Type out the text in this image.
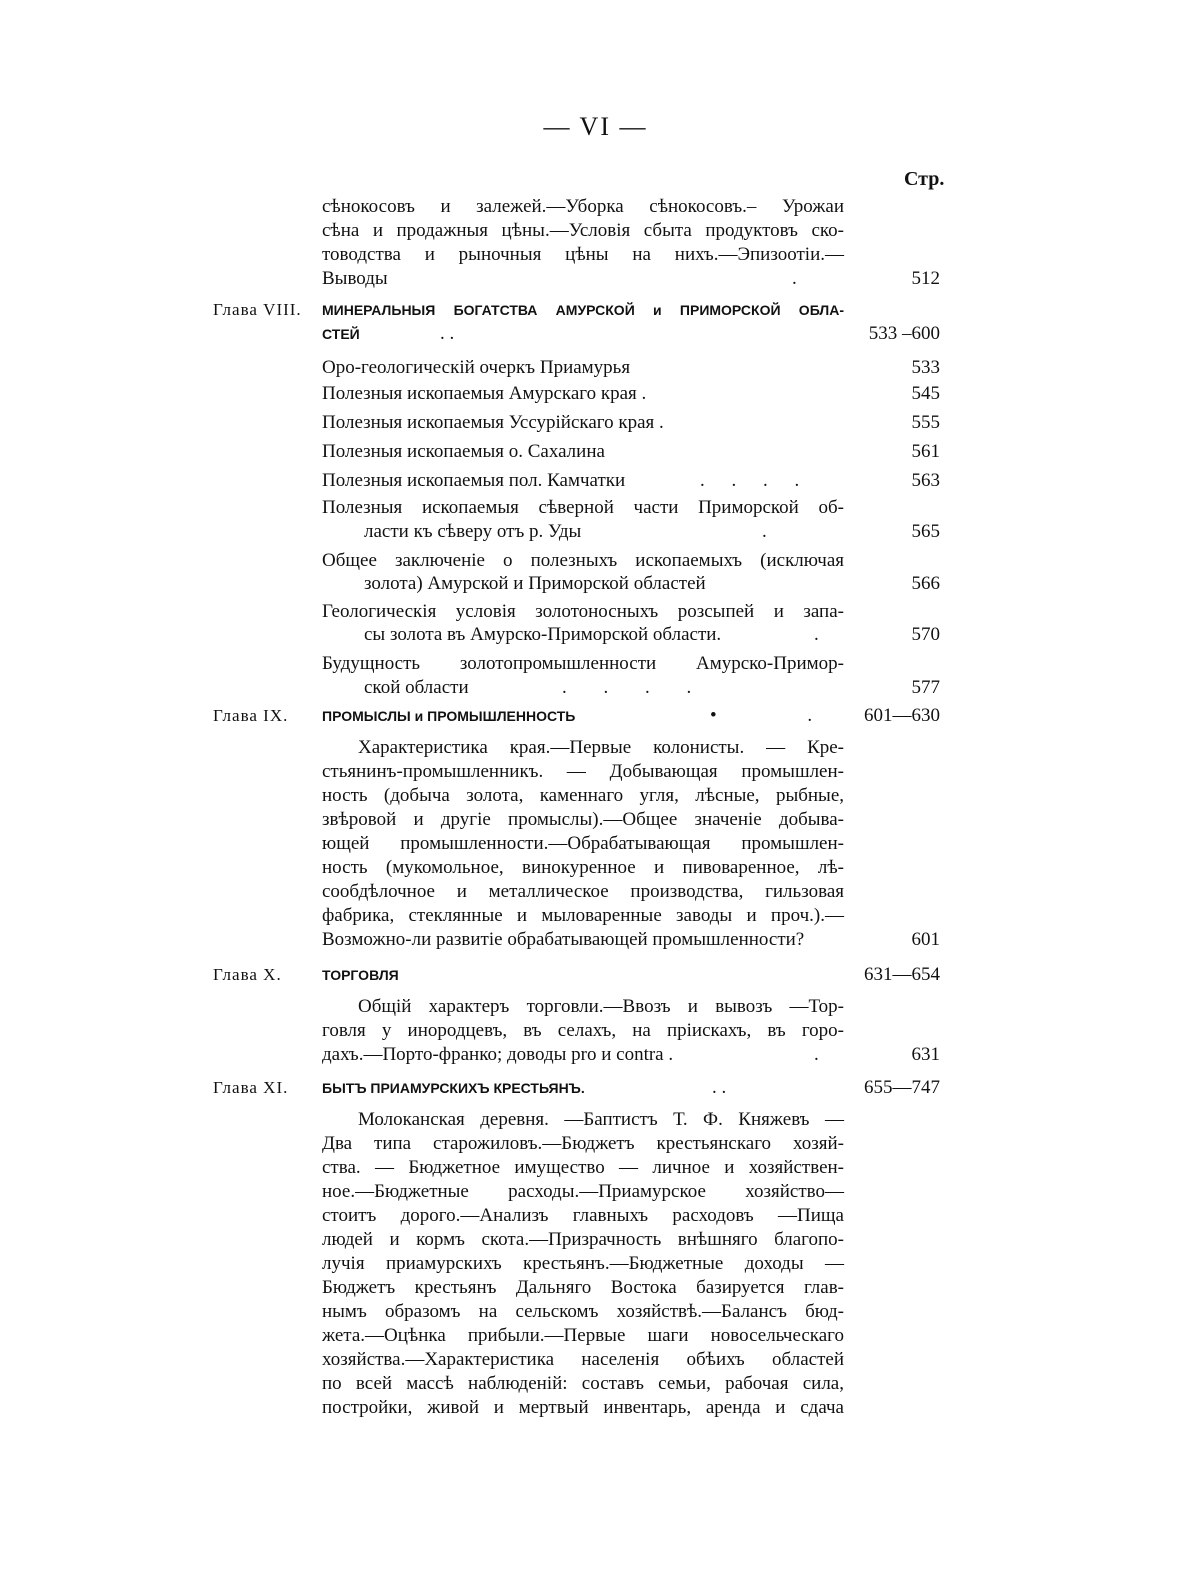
— VI —
Стр.
сѣнокосовъ и залежей.—Уборка сѣнокосовъ.– Урожаи
сѣна и продажныя цѣны.—Условія сбыта продуктовъ ско-
товодства и рыночныя цѣны на нихъ.—Эпизоотіи.—
Выводы	.	512
Глава VIII. МИНЕРАЛЬНЫЯ БОГАТСТВА АМУРСКОЙ и ПРИМОРСКОЙ ОБЛА-
СТЕЙ	. .	533 –600
Оро-геологическій очеркъ Приамурья	533
Полезныя ископаемыя Амурскаго края .	545
Полезныя ископаемыя Уссурійскаго края .	555
Полезныя ископаемыя о. Сахалина	561
Полезныя ископаемыя пол. Камчатки	. . . .	563
Полезныя ископаемыя сѣверной части Приморской об-
ласти къ сѣверу отъ р. Уды	.	565
Общее заключеніе о полезныхъ ископаемыхъ (исключая
золота) Амурской и Приморской областей	566
Геологическія условія золотоносныхъ розсыпей и запа-
сы золота въ Амурско-Приморской области.	.	570
Будущность золотопромышленности Амурско-Примор-
ской области	. . . .	577
Глава IX. ПРОМЫСЛЫ и ПРОМЫШЛЕННОСТЬ	• .	601—630
Характеристика края.—Первые колонисты. — Кре-
стьянинъ-промышленникъ. — Добывающая промышлен-
ность (добыча золота, каменнаго угля, лѣсные, рыбные,
звѣровой и другіе промыслы).—Общее значеніе добыва-
ющей промышленности.—Обрабатывающая промышлен-
ность (мукомольное, винокуренное и пивоваренное, лѣ-
сообдѣлочное и металлическое производства, гильзовая
фабрика, стеклянные и мыловаренные заводы и проч.).—
Возможно-ли развитіе обрабатывающей промышленности?	601
Глава X.	ТОРГОВЛЯ	631—654
Общій характеръ торговли.—Ввозъ и вывозъ —Тор-
говля у инородцевъ, въ селахъ, на пріискахъ, въ горо-
дахъ.—Порто-франко; доводы pro и contra .	.	631
Глава XI. БЫТЪ ПРИАМУРСКИХЪ КРЕСТЬЯНЪ.	. .	655—747
Молоканская деревня. —Баптистъ Т. Ф. Княжевъ —
Два типа старожиловъ.—Бюджетъ крестьянскаго хозяй-
ства. — Бюджетное имущество — личное и хозяйствен-
ное.—Бюджетные расходы.—Приамурское хозяйство—
стоитъ дорого.—Анализъ главныхъ расходовъ —Пища
людей и кормъ скота.—Призрачность внѣшняго благопо-
лучія приамурскихъ крестьянъ.—Бюджетные доходы —
Бюджетъ крестьянъ Дальняго Востока базируется глав-
нымъ образомъ на сельскомъ хозяйствѣ.—Балансъ бюд-
жета.—Оцѣнка прибыли.—Первые шаги новосельческаго
хозяйства.—Характеристика населенія обѣихъ областей
по всей массѣ наблюденій: составъ семьи, рабочая сила,
постройки, живой и мертвый инвентарь, аренда и сдача
